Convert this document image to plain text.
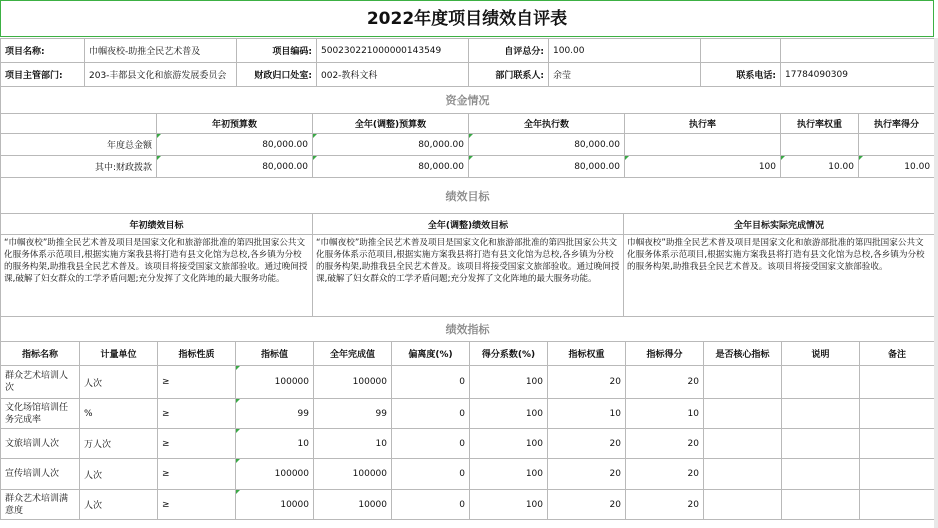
2022年度项目绩效自评表
项目名称:	巾帼夜校-助推全民艺术普及	项目编码:	500230221000000143549	自评总分:	100.00		
项目主管部门:	203-丰都县文化和旅游发展委员会	财政归口处室:	002-教科文科	部门联系人:	余莹	联系电话:	17784090309
资金情况						
	年初预算数	全年(调整)预算数	全年执行数	执行率	执行率权重	执行率得分
年度总金额	80,000.00	80,000.00	80,000.00			
其中:财政拨款	80,000.00	80,000.00	80,000.00	100	10.00	10.00
绩效目标		
年初绩效目标	全年(调整)绩效目标	全年目标实际完成情况
“巾帼夜校”助推全民艺术普及项目是国家文化和旅游部批准的第四批国家公共文化服务体系示范项目,根据实施方案我县将打造有县文化馆为总校,各乡镇为分校的服务构架,助推我县全民艺术普及。该项目将接受国家文旅部验收。通过晚间授课,破解了妇女群众的工学矛盾问题;充分发挥了文化阵地的最大服务功能。	“巾帼夜校”助推全民艺术普及项目是国家文化和旅游部批准的第四批国家公共文化服务体系示范项目,根据实施方案我县将打造有县文化馆为总校,各乡镇为分校的服务构架,助推我县全民艺术普及。该项目将接受国家文旅部验收。通过晚间授课,破解了妇女群众的工学矛盾问题;充分发挥了文化阵地的最大服务功能。	巾帼夜校”助推全民艺术普及项目是国家文化和旅游部批准的第四批国家公共文化服务体系示范项目,根据实施方案我县将打造有县文化馆为总校,各乡镇为分校的服务构架,助推我县全民艺术普及。该项目将接受国家文旅部验收。
绩效指标											
指标名称	计量单位	指标性质	指标值	全年完成值	偏离度(%)	得分系数(%)	指标权重	指标得分	是否核心指标	说明	备注
群众艺术培训人次	人次	≥	100000	100000	0	100	20	20			
文化场馆培训任务完成率	%	≥	99	99	0	100	10	10			
文旅培训人次	万人次	≥	10	10	0	100	20	20			
宣传培训人次	人次	≥	100000	100000	0	100	20	20			
群众艺术培训满意度	人次	≥	10000	10000	0	100	20	20			
